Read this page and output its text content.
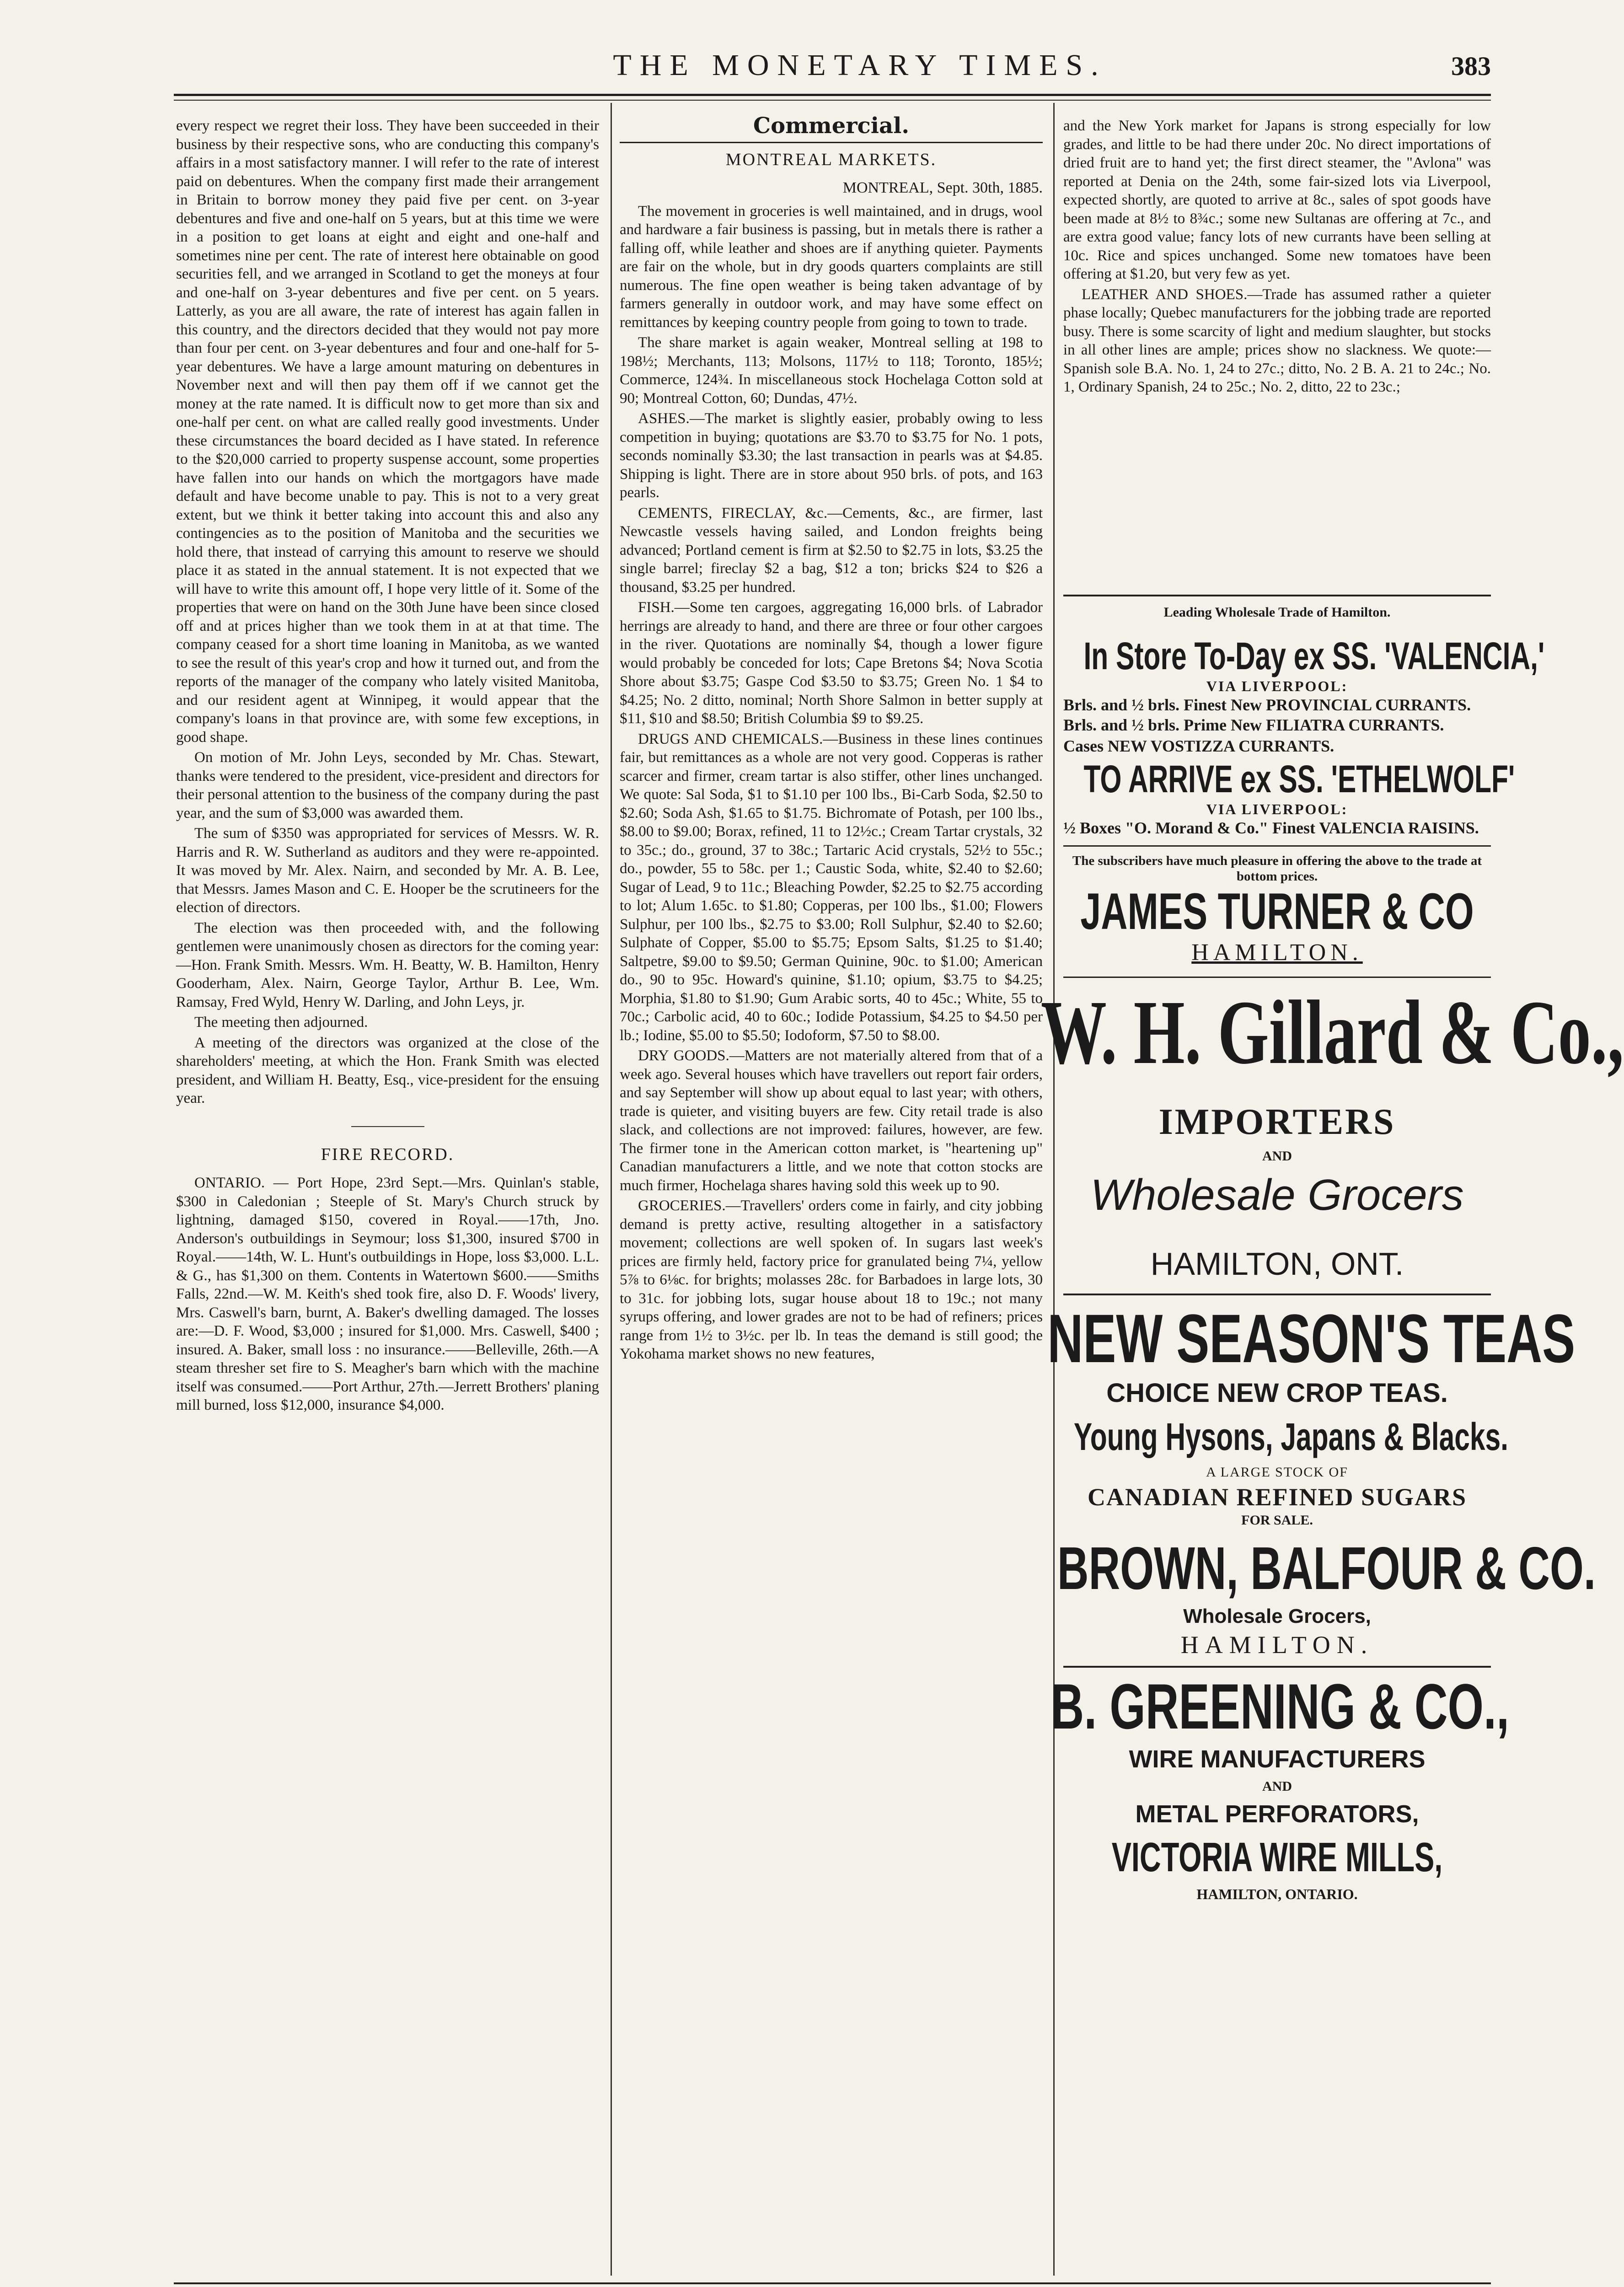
THE MONETARY TIMES.	383

every respect we regret their loss. They have been succeeded in their business by their respective sons, who are conducting this company's affairs in a most satisfactory manner. I will refer to the rate of interest paid on debentures. When the company first made their arrangement in Britain to borrow money they paid five per cent. on 3-year debentures and five and one-half on 5 years, but at this time we were in a position to get loans at eight and eight and one-half and sometimes nine per cent. The rate of interest here obtainable on good securities fell, and we arranged in Scotland to get the moneys at four and one-half on 3-year debentures and five per cent. on 5 years. Latterly, as you are all aware, the rate of interest has again fallen in this country, and the directors decided that they would not pay more than four per cent. on 3-year debentures and four and one-half for 5-year debentures. We have a large amount maturing on debentures in November next and will then pay them off if we cannot get the money at the rate named. It is difficult now to get more than six and one-half per cent. on what are called really good investments. Under these circumstances the board decided as I have stated. In reference to the $20,000 carried to property suspense account, some properties have fallen into our hands on which the mortgagors have made default and have become unable to pay. This is not to a very great extent, but we think it better taking into account this and also any contingencies as to the position of Manitoba and the securities we hold there, that instead of carrying this amount to reserve we should place it as stated in the annual statement. It is not expected that we will have to write this amount off, I hope very little of it. Some of the properties that were on hand on the 30th June have been since closed off and at prices higher than we took them in at at that time. The company ceased for a short time loaning in Manitoba, as we wanted to see the result of this year's crop and how it turned out, and from the reports of the manager of the company who lately visited Manitoba, and our resident agent at Winnipeg, it would appear that the company's loans in that province are, with some few exceptions, in good shape.

On motion of Mr. John Leys, seconded by Mr. Chas. Stewart, thanks were tendered to the president, vice-president and directors for their personal attention to the business of the company during the past year, and the sum of $3,000 was awarded them.

The sum of $350 was appropriated for services of Messrs. W. R. Harris and R. W. Sutherland as auditors and they were re-appointed. It was moved by Mr. Alex. Nairn, and seconded by Mr. A. B. Lee, that Messrs. James Mason and C. E. Hooper be the scrutineers for the election of directors.

The election was then proceeded with, and the following gentlemen were unanimously chosen as directors for the coming year:—Hon. Frank Smith. Messrs. Wm. H. Beatty, W. B. Hamilton, Henry Gooderham, Alex. Nairn, George Taylor, Arthur B. Lee, Wm. Ramsay, Fred Wyld, Henry W. Darling, and John Leys, jr.

The meeting then adjourned.

A meeting of the directors was organized at the close of the shareholders' meeting, at which the Hon. Frank Smith was elected president, and William H. Beatty, Esq., vice-president for the ensuing year.

FIRE RECORD.

ONTARIO. — Port Hope, 23rd Sept.—Mrs. Quinlan's stable, $300 in Caledonian ; Steeple of St. Mary's Church struck by lightning, damaged $150, covered in Royal.——17th, Jno. Anderson's outbuildings in Seymour; loss $1,300, insured $700 in Royal.——14th, W. L. Hunt's outbuildings in Hope, loss $3,000. L.L. & G., has $1,300 on them. Contents in Watertown $600.——Smiths Falls, 22nd.—W. M. Keith's shed took fire, also D. F. Woods' livery, Mrs. Caswell's barn, burnt, A. Baker's dwelling damaged. The losses are:—D. F. Wood, $3,000 ; insured for $1,000. Mrs. Caswell, $400 ; insured. A. Baker, small loss : no insurance.——Belleville, 26th.—A steam thresher set fire to S. Meagher's barn which with the machine itself was consumed.——Port Arthur, 27th.—Jerrett Brothers' planing mill burned, loss $12,000, insurance $4,000.

Commercial.
MONTREAL MARKETS.
MONTREAL, Sept. 30th, 1885.

The movement in groceries is well maintained, and in drugs, wool and hardware a fair business is passing, but in metals there is rather a falling off, while leather and shoes are if anything quieter. Payments are fair on the whole, but in dry goods quarters complaints are still numerous. The fine open weather is being taken advantage of by farmers generally in outdoor work, and may have some effect on remittances by keeping country people from going to town to trade.

The share market is again weaker, Montreal selling at 198 to 198½; Merchants, 113; Molsons, 117½ to 118; Toronto, 185½; Commerce, 124¾. In miscellaneous stock Hochelaga Cotton sold at 90; Montreal Cotton, 60; Dundas, 47½.

ASHES.—The market is slightly easier, probably owing to less competition in buying; quotations are $3.70 to $3.75 for No. 1 pots, seconds nominally $3.30; the last transaction in pearls was at $4.85. Shipping is light. There are in store about 950 brls. of pots, and 163 pearls.

CEMENTS, FIRECLAY, &c.—Cements, &c., are firmer, last Newcastle vessels having sailed, and London freights being advanced; Portland cement is firm at $2.50 to $2.75 in lots, $3.25 the single barrel; fireclay $2 a bag, $12 a ton; bricks $24 to $26 a thousand, $3.25 per hundred.

FISH.—Some ten cargoes, aggregating 16,000 brls. of Labrador herrings are already to hand, and there are three or four other cargoes in the river. Quotations are nominally $4, though a lower figure would probably be conceded for lots; Cape Bretons $4; Nova Scotia Shore about $3.75; Gaspe Cod $3.50 to $3.75; Green No. 1 $4 to $4.25; No. 2 ditto, nominal; North Shore Salmon in better supply at $11, $10 and $8.50; British Columbia $9 to $9.25.

DRUGS AND CHEMICALS.—Business in these lines continues fair, but remittances as a whole are not very good. Copperas is rather scarcer and firmer, cream tartar is also stiffer, other lines unchanged. We quote: Sal Soda, $1 to $1.10 per 100 lbs., Bi-Carb Soda, $2.50 to $2.60; Soda Ash, $1.65 to $1.75. Bichromate of Potash, per 100 lbs., $8.00 to $9.00; Borax, refined, 11 to 12½c.; Cream Tartar crystals, 32 to 35c.; do., ground, 37 to 38c.; Tartaric Acid crystals, 52½ to 55c.; do., powder, 55 to 58c. per 1.; Caustic Soda, white, $2.40 to $2.60; Sugar of Lead, 9 to 11c.; Bleaching Powder, $2.25 to $2.75 according to lot; Alum 1.65c. to $1.80; Copperas, per 100 lbs., $1.00; Flowers Sulphur, per 100 lbs., $2.75 to $3.00; Roll Sulphur, $2.40 to $2.60; Sulphate of Copper, $5.00 to $5.75; Epsom Salts, $1.25 to $1.40; Saltpetre, $9.00 to $9.50; German Quinine, 90c. to $1.00; American do., 90 to 95c. Howard's quinine, $1.10; opium, $3.75 to $4.25; Morphia, $1.80 to $1.90; Gum Arabic sorts, 40 to 45c.; White, 55 to 70c.; Carbolic acid, 40 to 60c.; Iodide Potassium, $4.25 to $4.50 per lb.; Iodine, $5.00 to $5.50; Iodoform, $7.50 to $8.00.

DRY GOODS.—Matters are not materially altered from that of a week ago. Several houses which have travellers out report fair orders, and say September will show up about equal to last year; with others, trade is quieter, and visiting buyers are few. City retail trade is also slack, and collections are not improved: failures, however, are few. The firmer tone in the American cotton market, is "heartening up" Canadian manufacturers a little, and we note that cotton stocks are much firmer, Hochelaga shares having sold this week up to 90.

GROCERIES.—Travellers' orders come in fairly, and city jobbing demand is pretty active, resulting altogether in a satisfactory movement; collections are well spoken of. In sugars last week's prices are firmly held, factory price for granulated being 7¼, yellow 5⅞ to 6⅛c. for brights; molasses 28c. for Barbadoes in large lots, 30 to 31c. for jobbing lots, sugar house about 18 to 19c.; not many syrups offering, and lower grades are not to be had of refiners; prices range from 1½ to 3½c. per lb. In teas the demand is still good; the Yokohama market shows no new features,

and the New York market for Japans is strong especially for low grades, and little to be had there under 20c. No direct importations of dried fruit are to hand yet; the first direct steamer, the "Avlona" was reported at Denia on the 24th, some fair-sized lots via Liverpool, expected shortly, are quoted to arrive at 8c., sales of spot goods have been made at 8½ to 8¾c.; some new Sultanas are offering at 7c., and are extra good value; fancy lots of new currants have been selling at 10c. Rice and spices unchanged. Some new tomatoes have been offering at $1.20, but very few as yet.

LEATHER AND SHOES.—Trade has assumed rather a quieter phase locally; Quebec manufacturers for the jobbing trade are reported busy. There is some scarcity of light and medium slaughter, but stocks in all other lines are ample; prices show no slackness. We quote:—Spanish sole B.A. No. 1, 24 to 27c.; ditto, No. 2 B. A. 21 to 24c.; No. 1, Ordinary Spanish, 24 to 25c.; No. 2, ditto, 22 to 23c.;

Leading Wholesale Trade of Hamilton.
In Store To-Day ex SS. 'VALENCIA,'
VIA LIVERPOOL:
Brls. and ½ brls. Finest New PROVINCIAL CURRANTS.
Brls. and ½ brls. Prime New FILIATRA CURRANTS.
Cases NEW VOSTIZZA CURRANTS.
TO ARRIVE ex SS. 'ETHELWOLF'
VIA LIVERPOOL:
½ Boxes "O. Morand & Co." Finest VALENCIA RAISINS.
The subscribers have much pleasure in offering the above to the trade at bottom prices.
JAMES TURNER & CO
HAMILTON.
W. H. Gillard & Co.,
IMPORTERS
AND
Wholesale Grocers
HAMILTON, ONT.
NEW SEASON'S TEAS
CHOICE NEW CROP TEAS.
Young Hysons, Japans & Blacks.
A LARGE STOCK OF
CANADIAN REFINED SUGARS
FOR SALE.
BROWN, BALFOUR & CO.
Wholesale Grocers,
HAMILTON.
B. GREENING & CO.,
WIRE MANUFACTURERS
AND
METAL PERFORATORS,
VICTORIA WIRE MILLS,
HAMILTON, ONTARIO.
